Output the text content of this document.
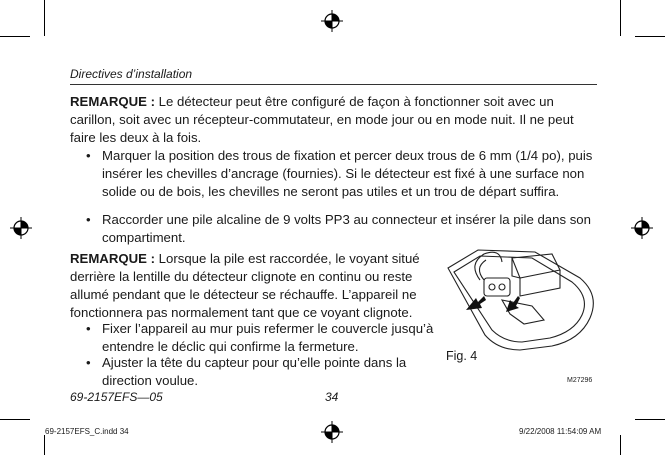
Directives d’installation
REMARQUE : Le détecteur peut être configuré de façon à fonctionner soit avec un carillon, soit avec un récepteur-commutateur, en mode jour ou en mode nuit. Il ne peut faire les deux à la fois.
• Marquer la position des trous de fixation et percer deux trous de 6 mm (1/4 po), puis insérer les chevilles d’ancrage (fournies). Si le détecteur est fixé à une surface non solide ou de bois, les chevilles ne seront pas utiles et un trou de départ suffira.
• Raccorder une pile alcaline de 9 volts PP3 au connecteur et insérer la pile dans son compartiment.
REMARQUE : Lorsque la pile est raccordée, le voyant situé derrière la lentille du détecteur clignote en continu ou reste allumé pendant que le détecteur se réchauffe. L’appareil ne fonctionnera pas normalement tant que ce voyant clignote.
• Fixer l’appareil au mur puis refermer le couvercle jusqu’à entendre le déclic qui confirme la fermeture.
• Ajuster la tête du capteur pour qu’elle pointe dans la direction voulue.
Fig. 4
M27296
69-2157EFS—05	34
69-2157EFS_C.indd 34	9/22/2008 11:54:09 AM
